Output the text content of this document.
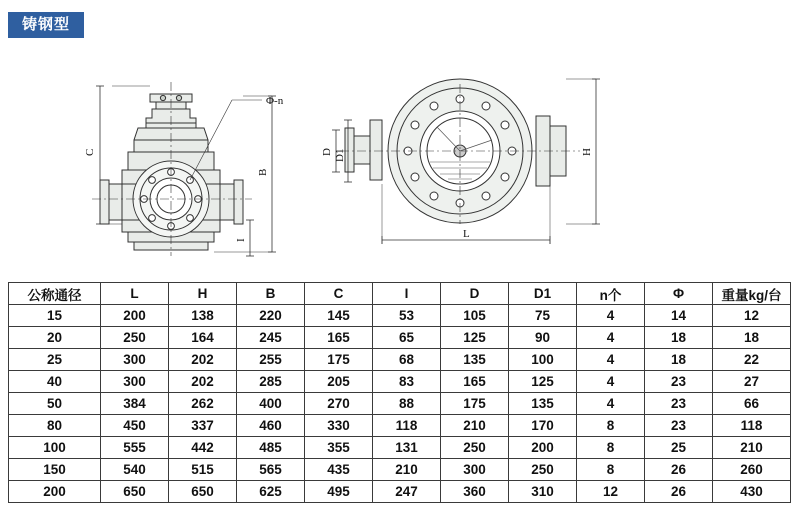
铸钢型
C
B
I
Φ-n
D D1	H
L
公称通径	L	H	B	C	I	D	D1	n个	Φ	重量kg/台
15	200	138	220	145	53	105	75	4	14	12
20	250	164	245	165	65	125	90	4	18	18
25	300	202	255	175	68	135	100	4	18	22
40	300	202	285	205	83	165	125	4	23	27
50	384	262	400	270	88	175	135	4	23	66
80	450	337	460	330	118	210	170	8	23	118
100	555	442	485	355	131	250	200	8	25	210
150	540	515	565	435	210	300	250	8	26	260
200	650	650	625	495	247	360	310	12	26	430
